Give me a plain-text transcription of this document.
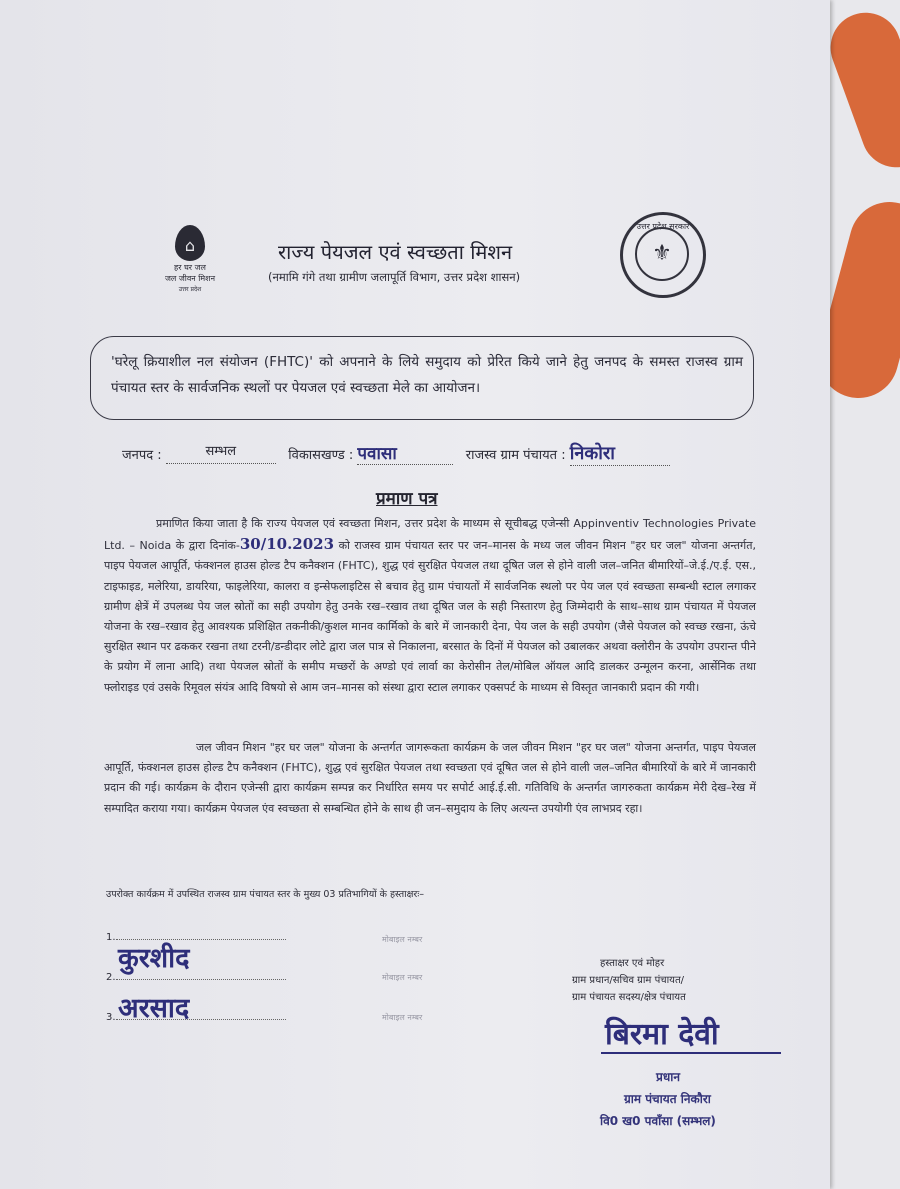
⌂
हर घर जल
जल जीवन मिशन
उत्तर प्रदेश
राज्य पेयजल एवं स्वच्छता मिशन
(नमामि गंगे तथा ग्रामीण जलापूर्ति विभाग, उत्तर प्रदेश शासन)
उत्तर प्रदेश सरकार
⚜
'घरेलू क्रियाशील नल संयोजन (FHTC)' को अपनाने के लिये समुदाय को प्रेरित किये जाने हेतु जनपद के समस्त राजस्व ग्राम पंचायत स्तर के सार्वजनिक स्थलों पर पेयजल एवं स्वच्छता मेले का आयोजन।
जनपद :	सम्भल	विकासखण्ड : पवासा	राजस्व ग्राम पंचायत : निकोरा
प्रमाण पत्र
प्रमाणित किया जाता है कि राज्य पेयजल एवं स्वच्छता मिशन, उत्तर प्रदेश के माध्यम से सूचीबद्ध एजेन्सी Appinventiv Technologies Private Ltd. – Noida के द्वारा दिनांक-30/10.2023 को राजस्व ग्राम पंचायत स्तर पर जन–मानस के मध्य जल जीवन मिशन "हर घर जल" योजना अन्तर्गत, पाइप पेयजल आपूर्ति, फंक्शनल हाउस होल्ड टैप कनैक्शन (FHTC), शुद्ध एवं सुरक्षित पेयजल तथा दूषित जल से होने वाली जल–जनित बीमारियों–जे.ई./ए.ई. एस., टाइफाइड, मलेरिया, डायरिया, फाइलेरिया, कालरा व इन्सेफलाइटिस से बचाव हेतु ग्राम पंचायतों में सार्वजनिक स्थलो पर पेय जल एवं स्वच्छता सम्बन्धी स्टाल लगाकर ग्रामीण क्षेत्रें में उपलब्ध पेय जल स्रोतों का सही उपयोग हेतु उनके रख–रखाव तथा दूषित जल के सही निस्तारण हेतु जिम्मेदारी के साथ–साथ ग्राम पंचायत में पेयजल योजना के रख–रखाव हेतु आवश्यक प्रशिक्षित तकनीकी/कुशल मानव कार्मिको के बारे में जानकारी देना, पेय जल के सही उपयोग (जैसे पेयजल को स्वच्छ रखना, ऊंचे सुरक्षित स्थान पर ढककर रखना तथा टरनी/डन्डीदार लोटे द्वारा जल पात्र से निकालना, बरसात के दिनों में पेयजल को उबालकर अथवा क्लोरीन के उपयोग उपरान्त पीने के प्रयोग में लाना आदि) तथा पेयजल स्रोतों के समीप मच्छरों के अण्डो एवं लार्वा का केरोसीन तेल/मोबिल ऑयल आदि डालकर उन्मूलन करना, आर्सेनिक तथा फ्लोराइड एवं उसके रिमूवल संयंत्र आदि विषयो से आम जन–मानस को संस्था द्वारा स्टाल लगाकर एक्सपर्ट के माध्यम से विस्तृत जानकारी प्रदान की गयी।
जल जीवन मिशन "हर घर जल" योजना के अन्तर्गत जागरूकता कार्यक्रम के जल जीवन मिशन "हर घर जल" योजना अन्तर्गत, पाइप पेयजल आपूर्ति, फंक्शनल हाउस होल्ड टैप कनैक्शन (FHTC), शुद्ध एवं सुरक्षित पेयजल तथा स्वच्छता एवं दूषित जल से होने वाली जल–जनित बीमारियों के बारे में जानकारी प्रदान की गई। कार्यक्रम के दौरान एजेन्सी द्वारा कार्यक्रम सम्पन्न कर निर्धारित समय पर सपोर्ट आई.ई.सी. गतिविधि के अन्तर्गत जागरुकता कार्यक्रम मेरी देख–रेख में सम्पादित कराया गया। कार्यक्रम पेयजल एंव स्वच्छता से सम्बन्धित होने के साथ ही जन–समुदाय के लिए अत्यन्त उपयोगी एंव लाभप्रद रहा।
उपरोक्त कार्यक्रम में उपस्थित राजस्व ग्राम पंचायत स्तर के मुख्य 03 प्रतिभागियों के हस्ताक्षरः–
1.	मोबाइल नम्बर
कुरशीद
2.	मोबाइल नम्बर
अरसाद
3.	मोबाइल नम्बर
हस्ताक्षर एवं मोहर
ग्राम प्रधान/सचिव ग्राम पंचायत/
ग्राम पंचायत सदस्य/क्षेत्र पंचायत
बिरमा देवी
प्रधान
ग्राम पंचायत निकौरा
वि0 ख0 पवाँसा (सम्भल)
